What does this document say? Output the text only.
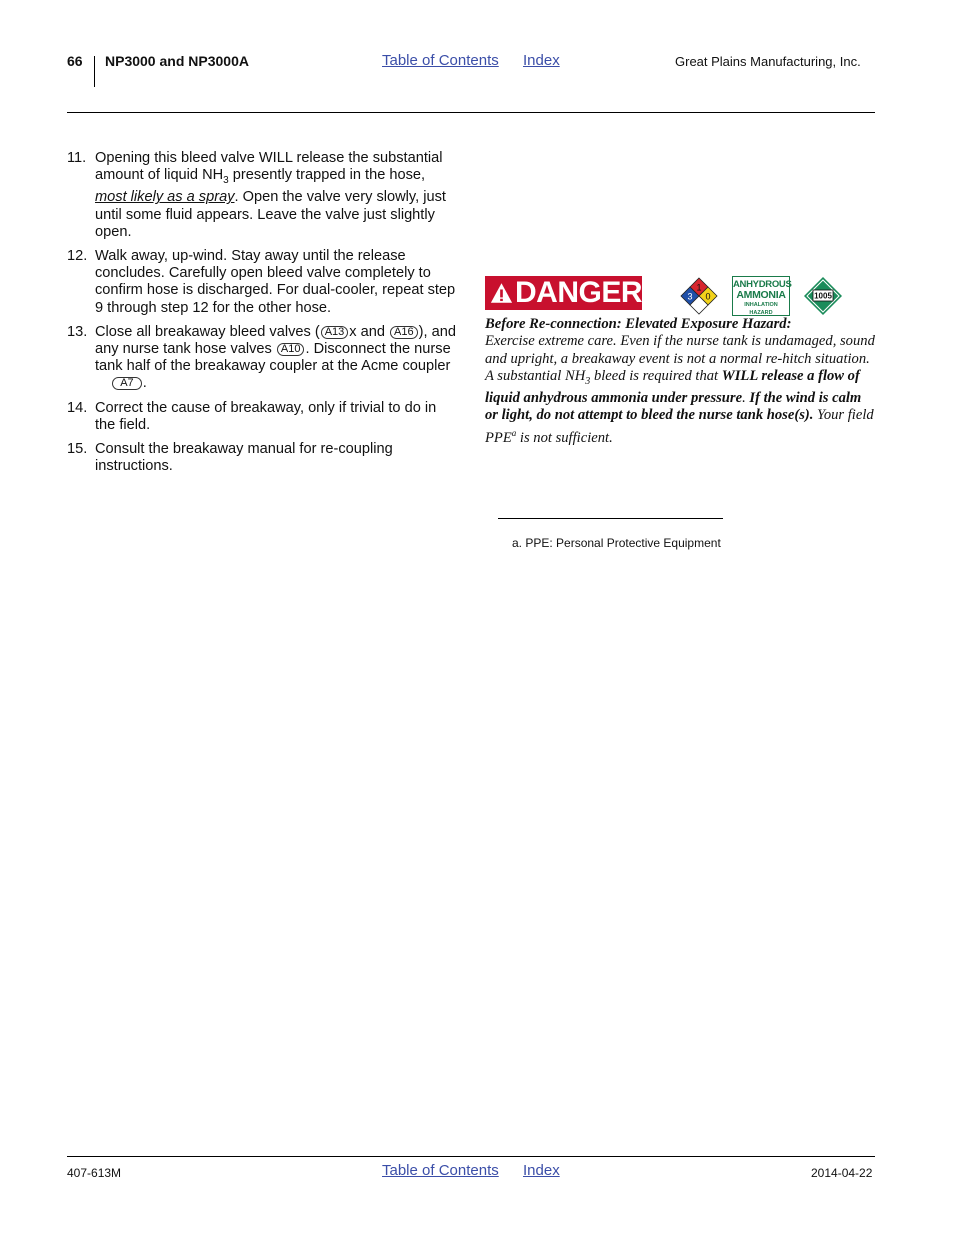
66 NP3000 and NP3000A	Table of Contents Index	Great Plains Manufacturing, Inc.
11. Opening this bleed valve WILL release the substantial amount of liquid $NH_3$ presently trapped in the hose, most likely as a spray. Open the valve very slowly, just until some fluid appears. Leave the valve just slightly open.
12. Walk away, up-wind. Stay away until the release concludes. Carefully open bleed valve completely to confirm hose is discharged. For dual-cooler, repeat step 9 through step 12 for the other hose.
13. Close all breakaway bleed valves ( A13 x and A16 ), and any nurse tank hose valves A10 . Disconnect the nurse tank half of the breakaway coupler at the Acme coupler     A7 .
14. Correct the cause of breakaway, only if trivial to do in the field.
15. Consult the breakaway manual for re-coupling instructions.
DANGER	1
3 0
ANHYDROUS
AMMONIA
INHALATION HAZARD
1005
Before Re-connection: Elevated Exposure Hazard:
Exercise extreme care. Even if the nurse tank is undamaged, sound and upright, a breakaway event is not a normal re-hitch situation. A substantial $NH_3$ bleed is required that WILL release a flow of liquid anhydrous ammonia under pressure. If the wind is calm or light, do not attempt to bleed the nurse tank hose(s). Your field PPE$^a$ is not sufficient.
a. PPE: Personal Protective Equipment
407-613M	Table of Contents Index	2014-04-22
